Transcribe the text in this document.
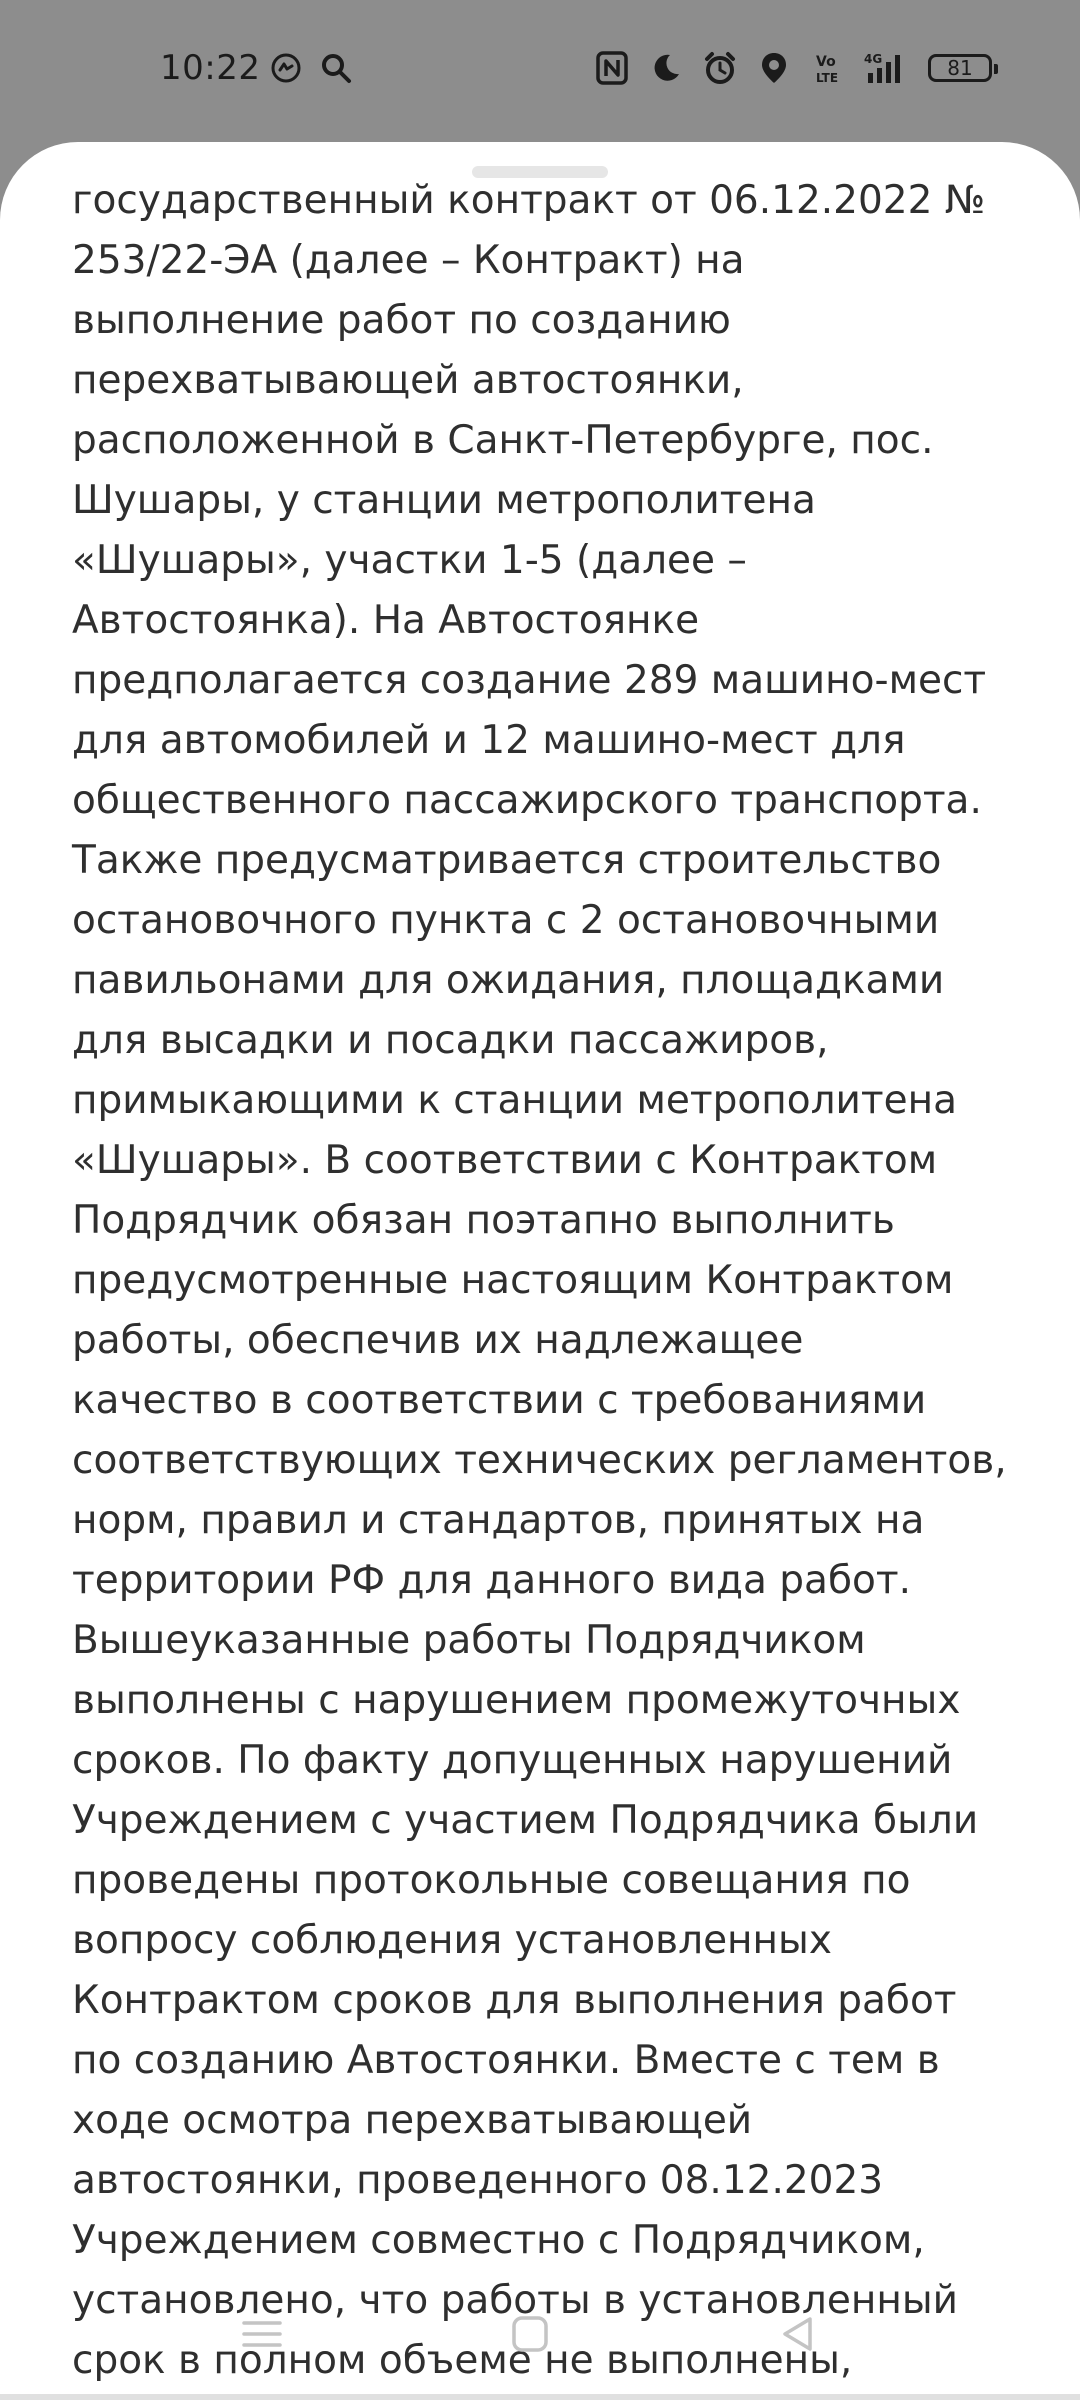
10:22	Vo
LTE
4G	81
государственный контракт от 06.12.2022 №
253/22-ЭА (далее – Контракт) на
выполнение работ по созданию
перехватывающей автостоянки,
расположенной в Санкт-Петербурге, пос.
Шушары, у станции метрополитена
«Шушары», участки 1-5 (далее –
Автостоянка). На Автостоянке
предполагается создание 289 машино-мест
для автомобилей и 12 машино-мест для
общественного пассажирского транспорта.
Также предусматривается строительство
остановочного пункта с 2 остановочными
павильонами для ожидания, площадками
для высадки и посадки пассажиров,
примыкающими к станции метрополитена
«Шушары». В соответствии с Контрактом
Подрядчик обязан поэтапно выполнить
предусмотренные настоящим Контрактом
работы, обеспечив их надлежащее
качество в соответствии с требованиями
соответствующих технических регламентов,
норм, правил и стандартов, принятых на
территории РФ для данного вида работ.
Вышеуказанные работы Подрядчиком
выполнены с нарушением промежуточных
сроков. По факту допущенных нарушений
Учреждением с участием Подрядчика были
проведены протокольные совещания по
вопросу соблюдения установленных
Контрактом сроков для выполнения работ
по созданию Автостоянки. Вместе с тем в
ходе осмотра перехватывающей
автостоянки, проведенного 08.12.2023
Учреждением совместно с Подрядчиком,
установлено, что работы в установленный
срок в полном объеме не выполнены,
